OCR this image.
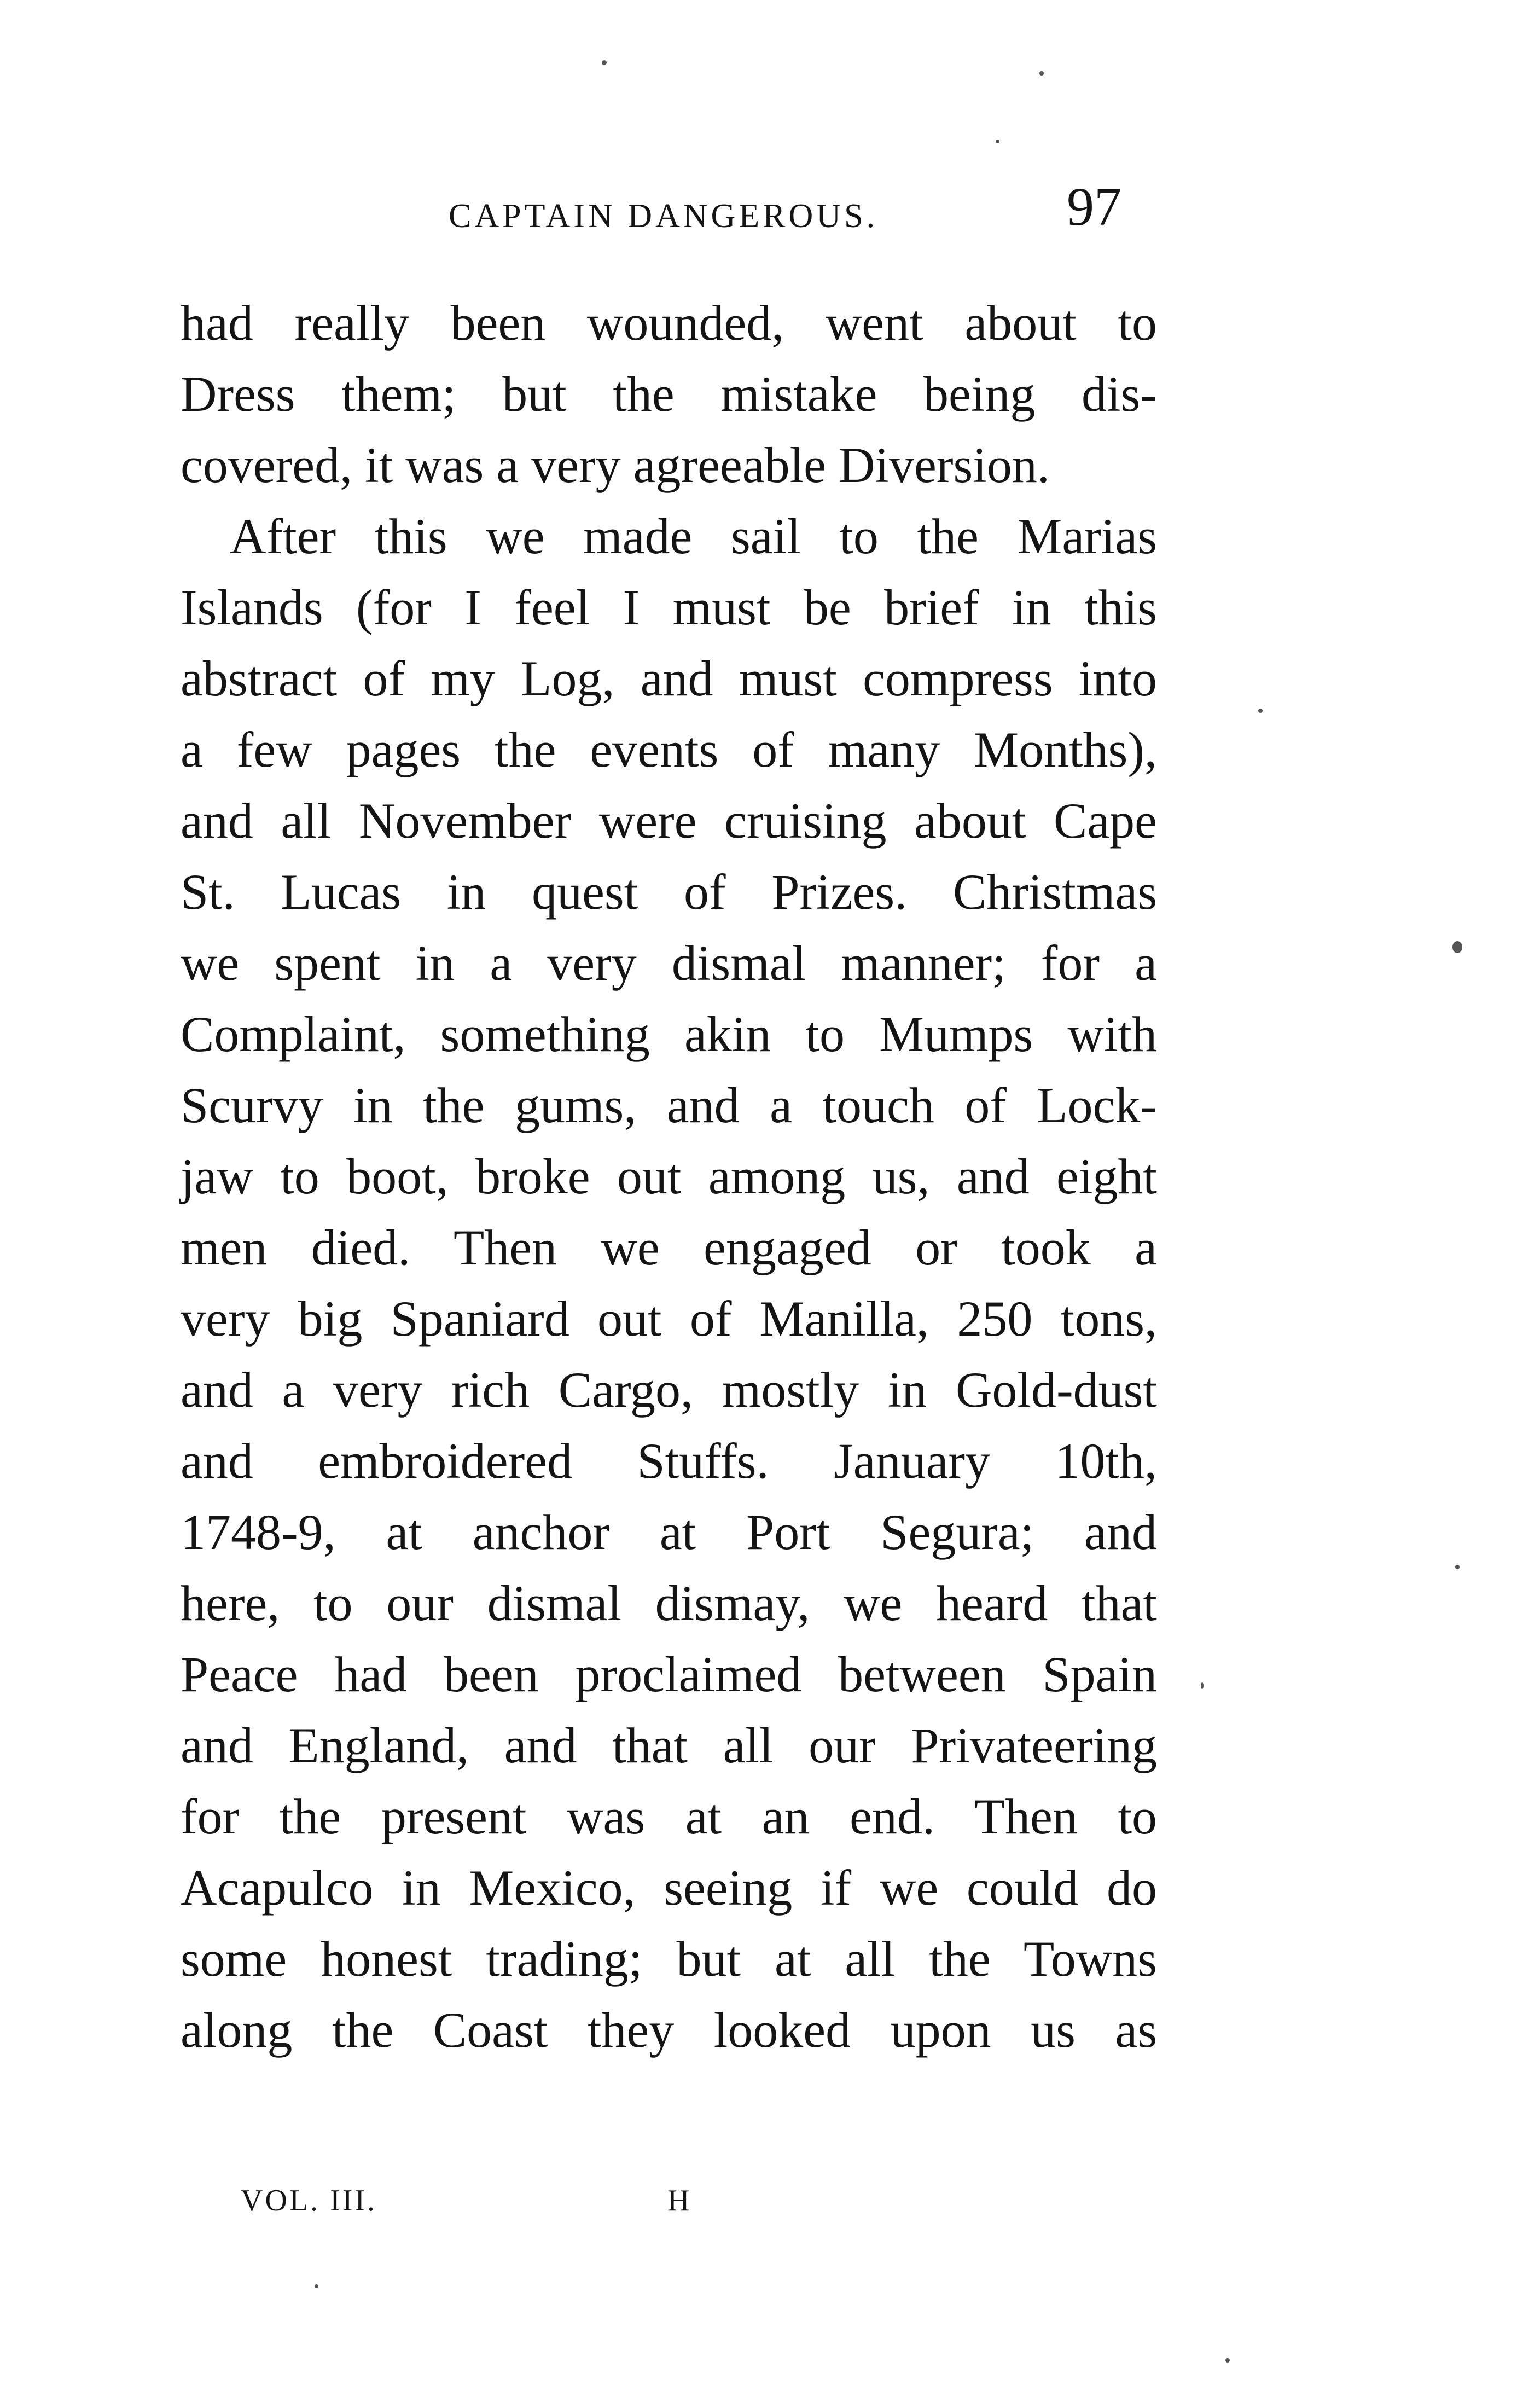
CAPTAIN DANGEROUS.	97
had really been wounded, went about to
Dress them; but the mistake being dis-
covered, it was a very agreeable Diversion.
After this we made sail to the Marias
Islands (for I feel I must be brief in this
abstract of my Log, and must compress into
a few pages the events of many Months),
and all November were cruising about Cape
St. Lucas in quest of Prizes. Christmas
we spent in a very dismal manner; for a
Complaint, something akin to Mumps with
Scurvy in the gums, and a touch of Lock-
jaw to boot, broke out among us, and eight
men died. Then we engaged or took a
very big Spaniard out of Manilla, 250 tons,
and a very rich Cargo, mostly in Gold-dust
and embroidered Stuffs. January 10th,
1748-9, at anchor at Port Segura; and
here, to our dismal dismay, we heard that
Peace had been proclaimed between Spain
and England, and that all our Privateering
for the present was at an end. Then to
Acapulco in Mexico, seeing if we could do
some honest trading; but at all the Towns
along the Coast they looked upon us as
VOL. III.	H
